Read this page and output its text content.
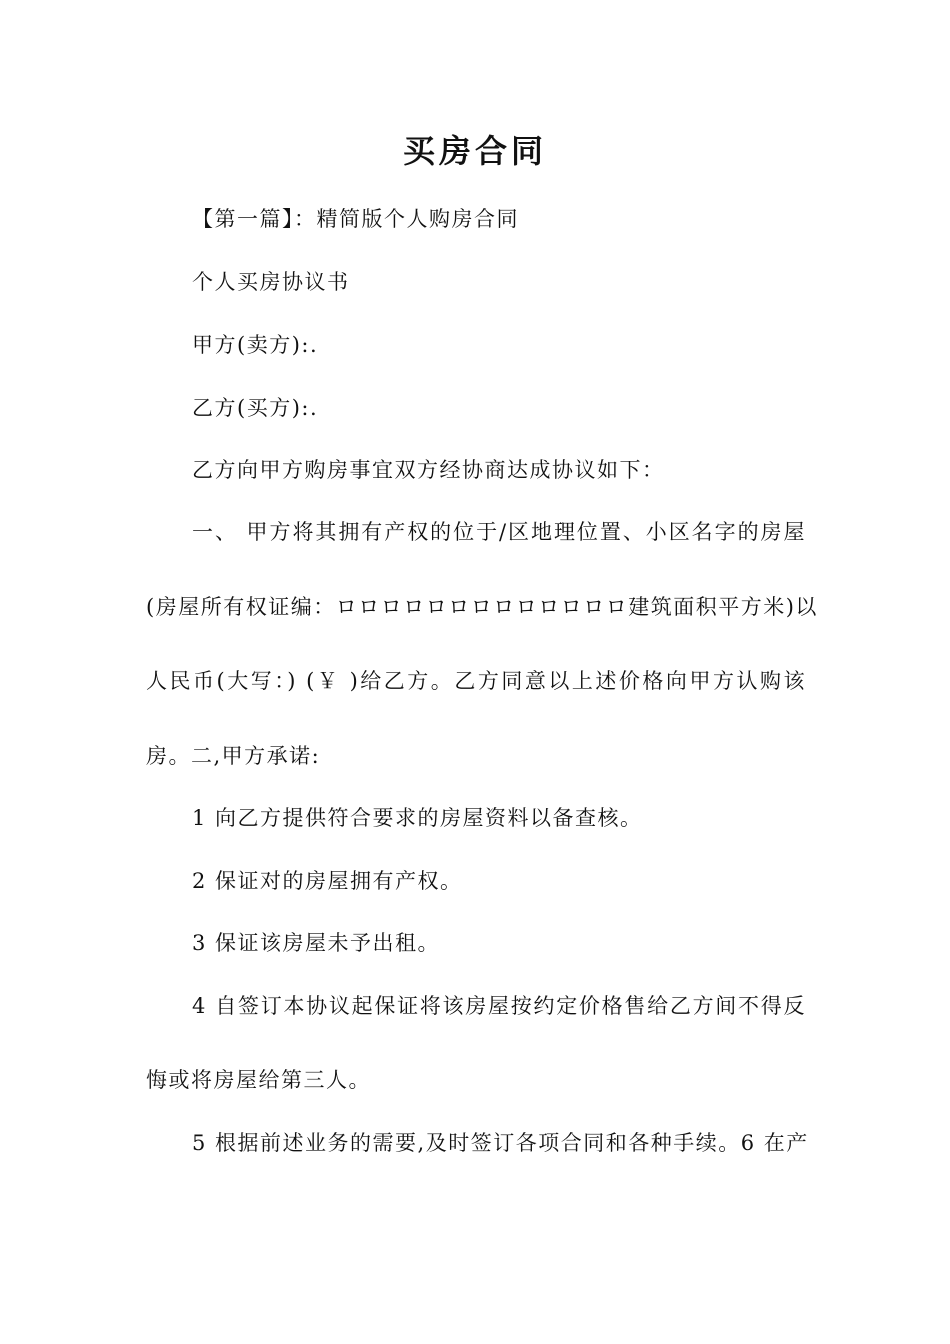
买房合同

【第一篇】：精简版个人购房合同

个人买房协议书

甲方(卖方):.

乙方(买方):.

乙方向甲方购房事宜双方经协商达成协议如下：

一、 甲方将其拥有产权的位于/区地理位置、小区名字的房屋

(房屋所有权证编：ロロロロロロロロロロロロロ建筑面积平方米)以

人民币(大写：) (￥ )给乙方。乙方同意以上述价格向甲方认购该

房。二,甲方承诺:

1 向乙方提供符合要求的房屋资料以备查核。

2 保证对的房屋拥有产权。

3 保证该房屋未予出租。

4 自签订本协议起保证将该房屋按约定价格售给乙方间不得反

悔或将房屋给第三人。

5 根据前述业务的需要,及时签订各项合同和各种手续。6 在产
